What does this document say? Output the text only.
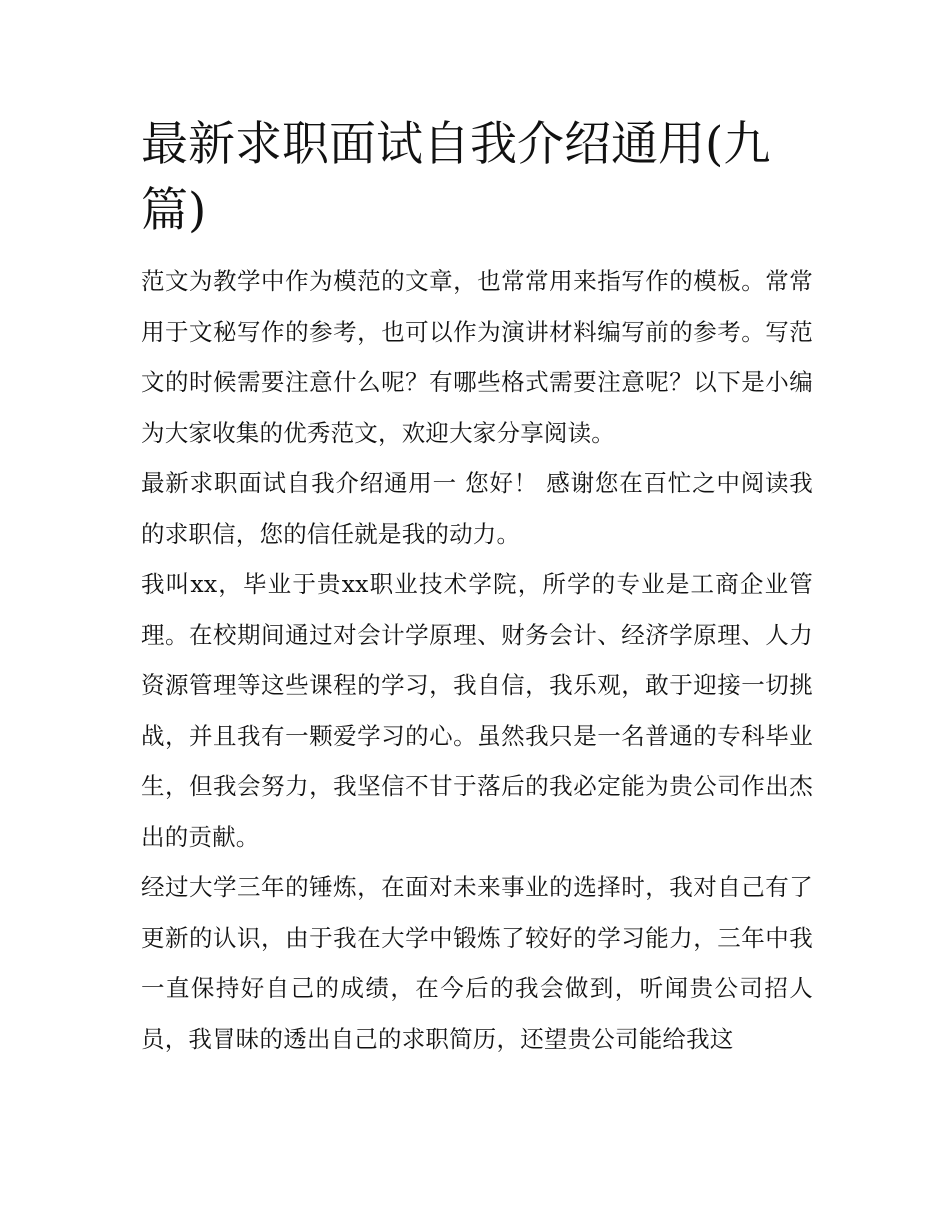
最新求职面试自我介绍通用(九篇)

范文为教学中作为模范的文章，也常常用来指写作的模板。常常用于文秘写作的参考，也可以作为演讲材料编写前的参考。写范文的时候需要注意什么呢？有哪些格式需要注意呢？以下是小编为大家收集的优秀范文，欢迎大家分享阅读。

最新求职面试自我介绍通用一 您好！ 感谢您在百忙之中阅读我的求职信，您的信任就是我的动力。

我叫xx，毕业于贵xx职业技术学院，所学的专业是工商企业管理。在校期间通过对会计学原理、财务会计、经济学原理、人力资源管理等这些课程的学习，我自信，我乐观，敢于迎接一切挑战，并且我有一颗爱学习的心。虽然我只是一名普通的专科毕业生，但我会努力，我坚信不甘于落后的我必定能为贵公司作出杰出的贡献。

经过大学三年的锤炼，在面对未来事业的选择时，我对自己有了更新的认识，由于我在大学中锻炼了较好的学习能力，三年中我一直保持好自己的成绩，在今后的我会做到，听闻贵公司招人员，我冒昧的透出自己的求职简历，还望贵公司能给我这
